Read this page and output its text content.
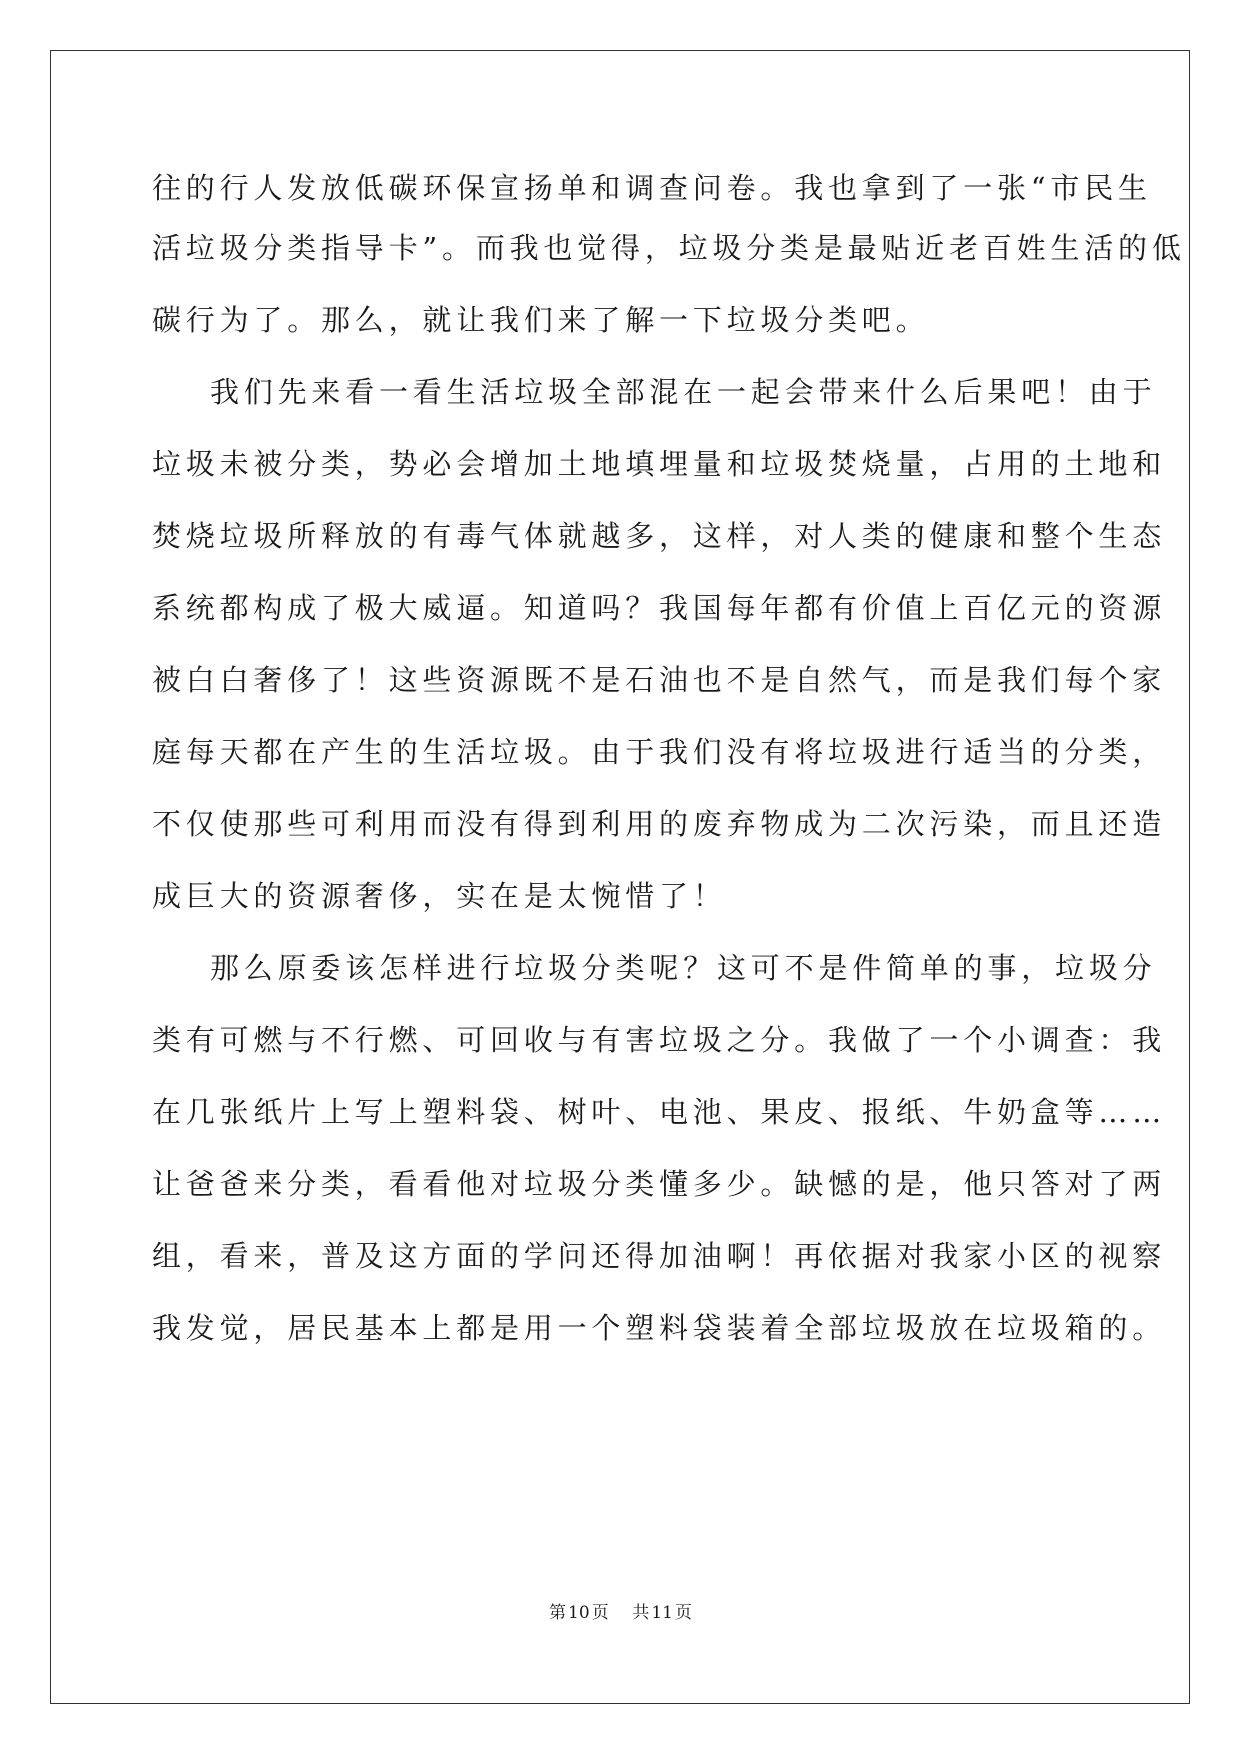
往的行人发放低碳环保宣扬单和调查问卷。我也拿到了一张“市民生
活垃圾分类指导卡”。而我也觉得，垃圾分类是最贴近老百姓生活的低
碳行为了。那么，就让我们来了解一下垃圾分类吧。
我们先来看一看生活垃圾全部混在一起会带来什么后果吧！由于
垃圾未被分类，势必会增加土地填埋量和垃圾焚烧量，占用的土地和
焚烧垃圾所释放的有毒气体就越多，这样，对人类的健康和整个生态
系统都构成了极大威逼。知道吗？我国每年都有价值上百亿元的资源
被白白奢侈了！这些资源既不是石油也不是自然气，而是我们每个家
庭每天都在产生的生活垃圾。由于我们没有将垃圾进行适当的分类，
不仅使那些可利用而没有得到利用的废弃物成为二次污染，而且还造
成巨大的资源奢侈，实在是太惋惜了！
那么原委该怎样进行垃圾分类呢？这可不是件简单的事，垃圾分
类有可燃与不行燃、可回收与有害垃圾之分。我做了一个小调查：我
在几张纸片上写上塑料袋、树叶、电池、果皮、报纸、牛奶盒等……
让爸爸来分类，看看他对垃圾分类懂多少。缺憾的是，他只答对了两
组，看来，普及这方面的学问还得加油啊！再依据对我家小区的视察
我发觉，居民基本上都是用一个塑料袋装着全部垃圾放在垃圾箱的。
第 10 页 共 11 页
